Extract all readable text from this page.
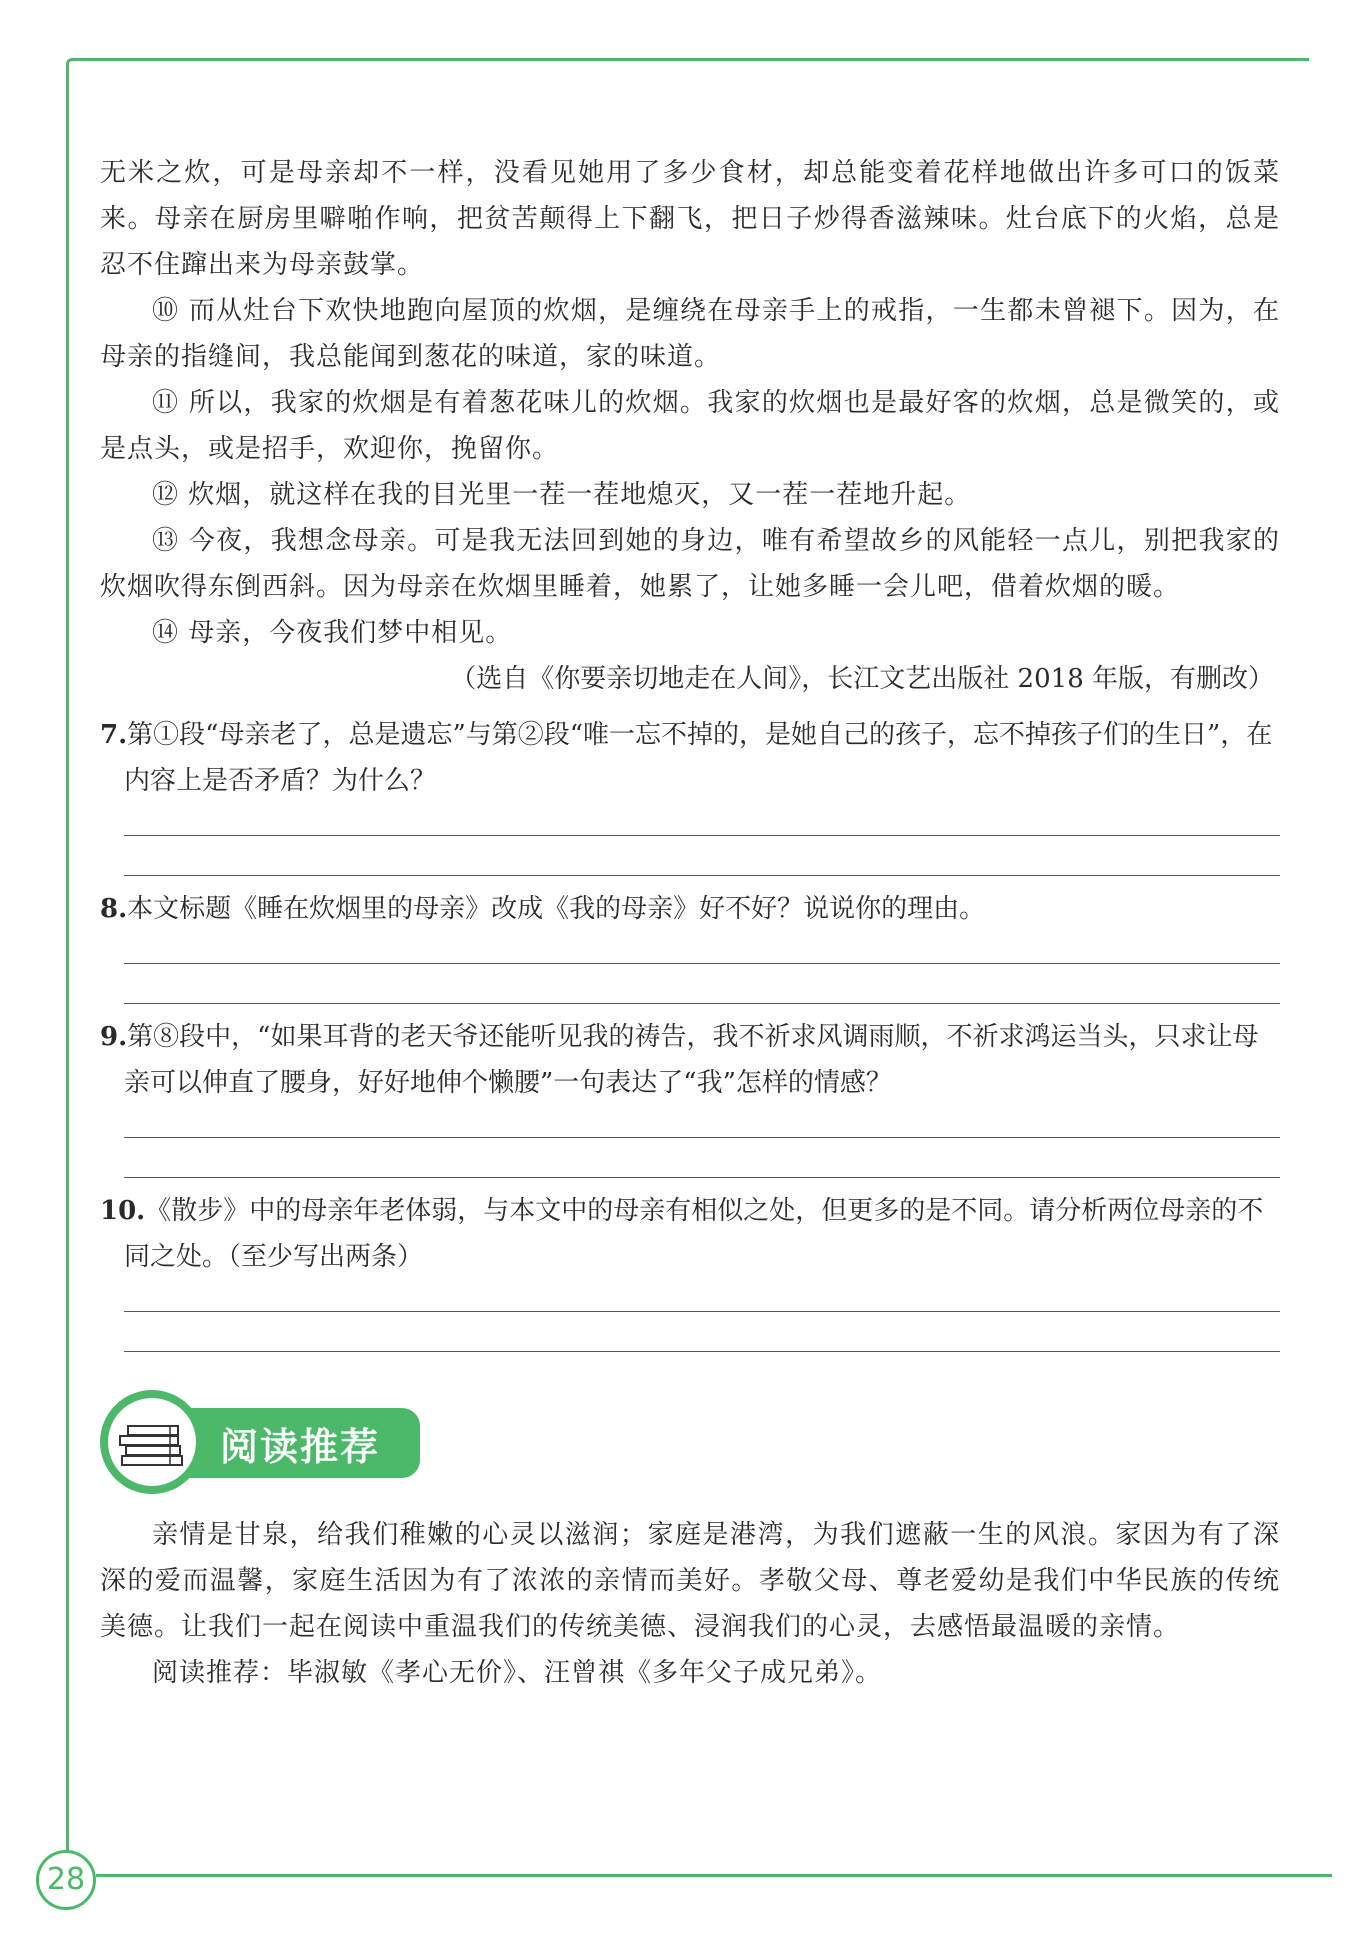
无米之炊，可是母亲却不一样，没看见她用了多少食材，却总能变着花样地做出许多可口的饭菜来。母亲在厨房里噼啪作响，把贫苦颠得上下翻飞，把日子炒得香滋辣味。灶台底下的火焰，总是忍不住蹿出来为母亲鼓掌。

⑩ 而从灶台下欢快地跑向屋顶的炊烟，是缠绕在母亲手上的戒指，一生都未曾褪下。因为，在母亲的指缝间，我总能闻到葱花的味道，家的味道。

⑪ 所以，我家的炊烟是有着葱花味儿的炊烟。我家的炊烟也是最好客的炊烟，总是微笑的，或是点头，或是招手，欢迎你，挽留你。

⑫ 炊烟，就这样在我的目光里一茬一茬地熄灭，又一茬一茬地升起。

⑬ 今夜，我想念母亲。可是我无法回到她的身边，唯有希望故乡的风能轻一点儿，别把我家的炊烟吹得东倒西斜。因为母亲在炊烟里睡着，她累了，让她多睡一会儿吧，借着炊烟的暖。

⑭ 母亲，今夜我们梦中相见。

（选自《你要亲切地走在人间》，长江文艺出版社 2018 年版，有删改）

7.第①段“母亲老了，总是遗忘”与第②段“唯一忘不掉的，是她自己的孩子，忘不掉孩子们的生日”，在内容上是否矛盾？为什么？

8.本文标题《睡在炊烟里的母亲》改成《我的母亲》好不好？说说你的理由。

9.第⑧段中，“如果耳背的老天爷还能听见我的祷告，我不祈求风调雨顺，不祈求鸿运当头，只求让母亲可以伸直了腰身，好好地伸个懒腰”一句表达了“我”怎样的情感？

10.《散步》中的母亲年老体弱，与本文中的母亲有相似之处，但更多的是不同。请分析两位母亲的不同之处。（至少写出两条）

阅读推荐

亲情是甘泉，给我们稚嫩的心灵以滋润；家庭是港湾，为我们遮蔽一生的风浪。家因为有了深深的爱而温馨，家庭生活因为有了浓浓的亲情而美好。孝敬父母、尊老爱幼是我们中华民族的传统美德。让我们一起在阅读中重温我们的传统美德、浸润我们的心灵，去感悟最温暖的亲情。

阅读推荐：毕淑敏《孝心无价》、汪曾祺《多年父子成兄弟》。

28
